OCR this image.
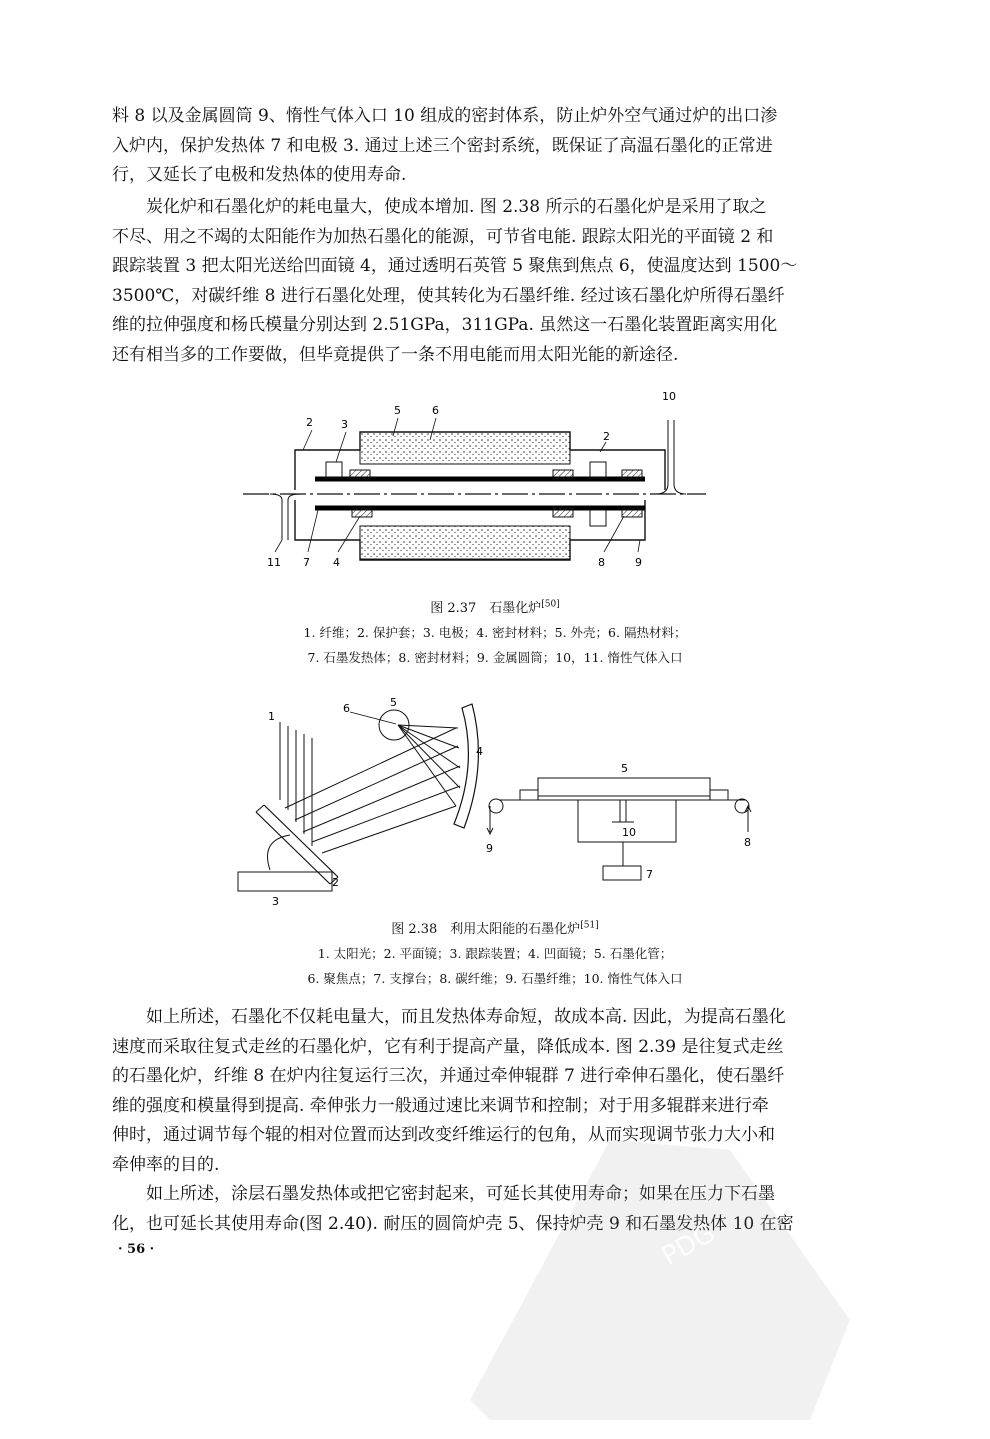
料 8 以及金属圆筒 9、惰性气体入口 10 组成的密封体系，防止炉外空气通过炉的出口渗
入炉内，保护发热体 7 和电极 3. 通过上述三个密封系统，既保证了高温石墨化的正常进
行，又延长了电极和发热体的使用寿命.
炭化炉和石墨化炉的耗电量大，使成本增加. 图 2.38 所示的石墨化炉是采用了取之
不尽、用之不竭的太阳能作为加热石墨化的能源，可节省电能. 跟踪太阳光的平面镜 2 和
跟踪装置 3 把太阳光送给凹面镜 4，通过透明石英管 5 聚焦到焦点 6，使温度达到 1500～
3500℃，对碳纤维 8 进行石墨化处理，使其转化为石墨纤维. 经过该石墨化炉所得石墨纤
维的拉伸强度和杨氏模量分别达到 2.51GPa，311GPa. 虽然这一石墨化装置距离实用化
还有相当多的工作要做，但毕竟提供了一条不用电能而用太阳光能的新途径.
2	3
5	6
2
10
11 7 4	8	9
图 2.37　石墨化炉[50]
1. 纤维；2. 保护套；3. 电极；4. 密封材料；5. 外壳；6. 隔热材料；
7. 石墨发热体；8. 密封材料；9. 金属圆筒；10，11. 惰性气体入口
1
6	5
4
2
3
5
10
9	8
7
图 2.38　利用太阳能的石墨化炉[51]
1. 太阳光；2. 平面镜；3. 跟踪装置；4. 凹面镜；5. 石墨化管；
6. 聚焦点；7. 支撑台；8. 碳纤维；9. 石墨纤维；10. 惰性气体入口
如上所述，石墨化不仅耗电量大，而且发热体寿命短，故成本高. 因此，为提高石墨化
速度而采取往复式走丝的石墨化炉，它有利于提高产量，降低成本. 图 2.39 是往复式走丝
的石墨化炉，纤维 8 在炉内往复运行三次，并通过牵伸辊群 7 进行牵伸石墨化，使石墨纤
维的强度和模量得到提高. 牵伸张力一般通过速比来调节和控制；对于用多辊群来进行牵
伸时，通过调节每个辊的相对位置而达到改变纤维运行的包角，从而实现调节张力大小和
牵伸率的目的.
如上所述，涂层石墨发热体或把它密封起来，可延长其使用寿命；如果在压力下石墨
化，也可延长其使用寿命(图 2.40). 耐压的圆筒炉壳 5、保持炉壳 9 和石墨发热体 10 在密
· 56 ·	PDG
